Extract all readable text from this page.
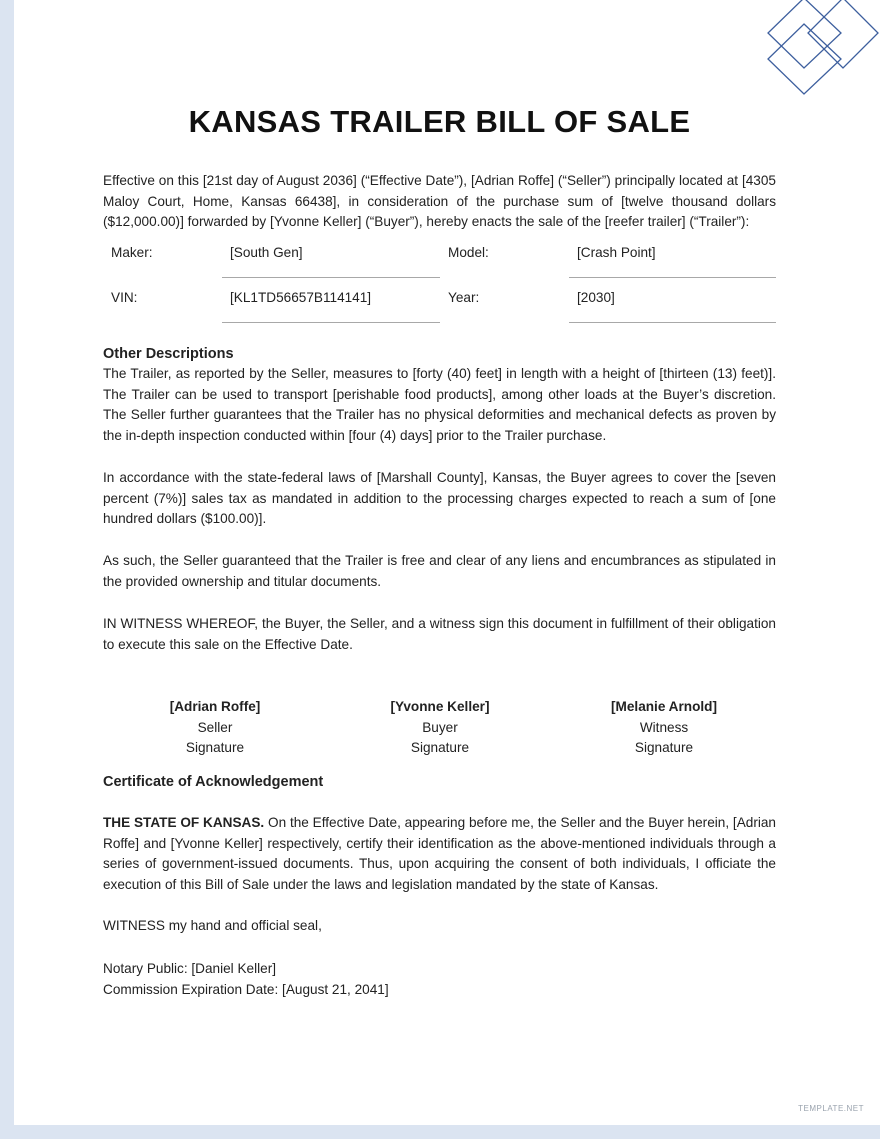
KANSAS TRAILER BILL OF SALE

Effective on this [21st day of August 2036] (“Effective Date”), [Adrian Roffe] (“Seller”) principally located at [4305 Maloy Court, Home, Kansas 66438], in consideration of the purchase sum of [twelve thousand dollars ($12,000.00)] forwarded by [Yvonne Keller] (“Buyer”), hereby enacts the sale of the [reefer trailer] (“Trailer”):

Maker:	[South Gen]	Model:	[Crash Point]
VIN:	[KL1TD56657B114141]	Year:	[2030]

Other Descriptions

The Trailer, as reported by the Seller, measures to [forty (40) feet] in length with a height of [thirteen (13) feet)]. The Trailer can be used to transport [perishable food products], among other loads at the Buyer’s discretion. The Seller further guarantees that the Trailer has no physical deformities and mechanical defects as proven by the in-depth inspection conducted within [four (4) days] prior to the Trailer purchase.

In accordance with the state-federal laws of [Marshall County], Kansas, the Buyer agrees to cover the [seven percent (7%)] sales tax as mandated in addition to the processing charges expected to reach a sum of [one hundred dollars ($100.00)].

As such, the Seller guaranteed that the Trailer is free and clear of any liens and encumbrances as stipulated in the provided ownership and titular documents.

IN WITNESS WHEREOF, the Buyer, the Seller, and a witness sign this document in fulfillment of their obligation to execute this sale on the Effective Date.

[Adrian Roffe]
Seller
Signature
[Yvonne Keller]
Buyer
Signature
[Melanie Arnold]
Witness
Signature

Certificate of Acknowledgement

THE STATE OF KANSAS. On the Effective Date, appearing before me, the Seller and the Buyer herein, [Adrian Roffe] and [Yvonne Keller] respectively, certify their identification as the above-mentioned individuals through a series of government-issued documents. Thus, upon acquiring the consent of both individuals, I officiate the execution of this Bill of Sale under the laws and legislation mandated by the state of Kansas.

WITNESS my hand and official seal,

Notary Public: [Daniel Keller]

Commission Expiration Date: [August 21, 2041]

TEMPLATE.NET
